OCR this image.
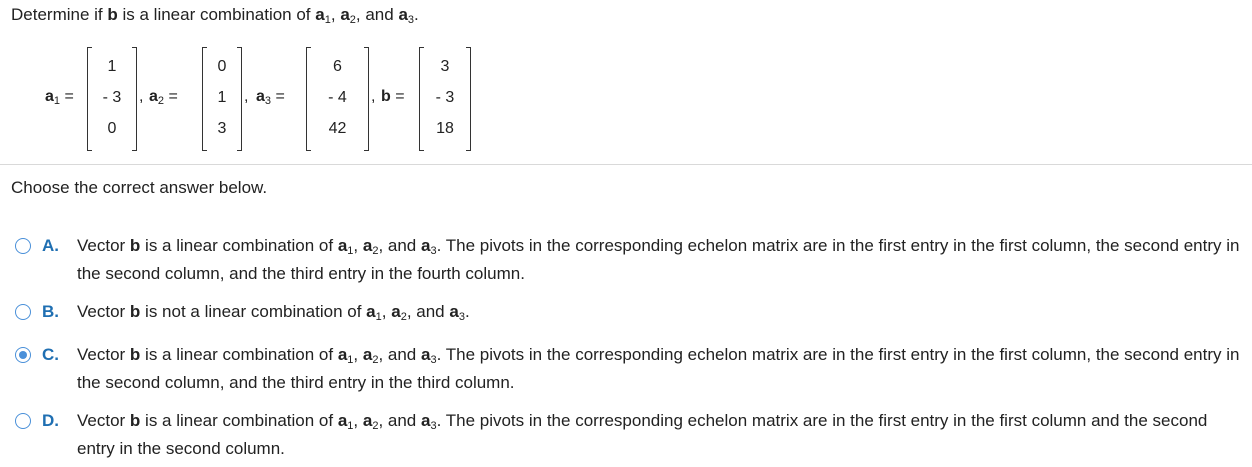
Determine if b is a linear combination of $a_1$, $a_2$, and $a_3$.
$a_1$ =
1
- 3
0
, $a_2$ =
0
1
3
, $a_3$ =
6
- 4
42
, b =
3
- 3
18
Choose the correct answer below.
A. Vector b is a linear combination of $a_1$, $a_2$, and $a_3$. The pivots in the corresponding echelon matrix are in the first entry in the first column, the second entry in the second column, and the third entry in the fourth column.
B. Vector b is not a linear combination of $a_1$, $a_2$, and $a_3$.
C. Vector b is a linear combination of $a_1$, $a_2$, and $a_3$. The pivots in the corresponding echelon matrix are in the first entry in the first column, the second entry in the second column, and the third entry in the third column.
D. Vector b is a linear combination of $a_1$, $a_2$, and $a_3$. The pivots in the corresponding echelon matrix are in the first entry in the first column and the second entry in the second column.
